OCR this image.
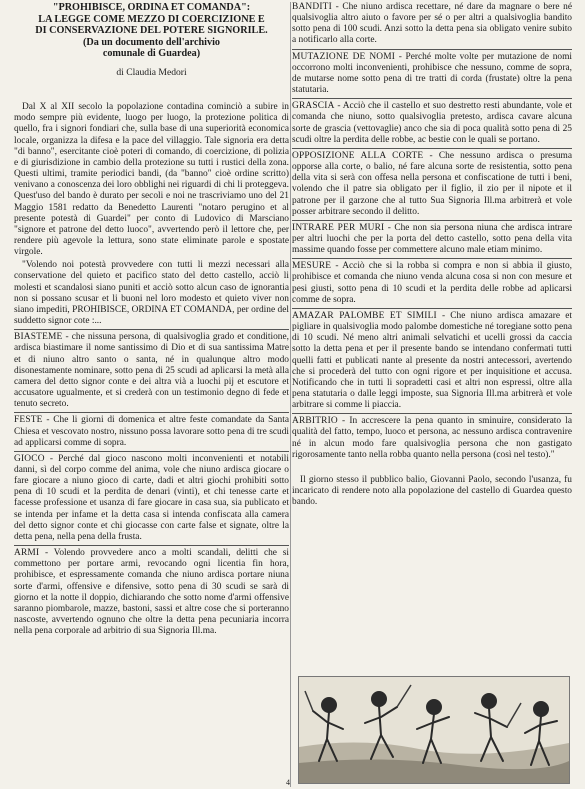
"PROHIBISCE, ORDINA ET COMANDA":
LA LEGGE COME MEZZO DI COERCIZIONE E
DI CONSERVAZIONE DEL POTERE SIGNORILE.
(Da un documento dell'archivio
comunale di Guardea)
di Claudia Medori

Dal X al XII secolo la popolazione contadina cominciò a subire in modo sempre più evidente, luogo per luogo, la protezione politica di quello, fra i signori fondiari che, sulla base di una superiorità economica locale, organizza la difesa e la pace del villaggio. Tale signoria era detta "di banno", esercitante cioè poteri di comando, di coercizione, di polizia e di giurisdizione in cambio della protezione su tutti i rustici della zona. Questi ultimi, tramite periodici bandi, (da "banno" cioè ordine scritto) venivano a conoscenza dei loro obblighi nei riguardi di chi li proteggeva. Quest'uso del bando è durato per secoli e noi ne trascriviamo uno del 21 Maggio 1581 redatto da Benedetto Laurenti "notaro perugino et al presente potestà di Guardei" per conto di Ludovico di Marsciano "signore et patrone del detto luoco", avvertendo però il lettore che, per rendere più agevole la lettura, sono state eliminate parole e spostate virgole.

"Volendo noi potestà provvedere con tutti li mezzi necessari alla conservatione del quieto et pacifico stato del detto castello, acciò li molesti et scandalosi siano puniti et acciò sotto alcun caso de ignorantia non si possano scusar et li buoni nel loro modesto et quieto viver non siano impediti, PROHIBISCE, ORDINA ET COMANDA, per ordine del suddetto signor cote :...

BIASTEME - che nissuna persona, di qualsivoglia grado et conditione, ardisca biastimare il nome santissimo di Dio et di sua santissima Matre et di niuno altro santo o santa, né in qualunque altro modo disonestamente nominare, sotto pena di 25 scudi ad aplicarsi la metà alla camera del detto signor conte e dei altra vià a luochi pij et escutore et accusatore ugualmente, et si crederà con un testimonio degno di fede et tenuto secreto.
FESTE - Che li giorni di domenica et altre feste comandate da Santa Chiesa et vescovato nostro, nissuno possa lavorare sotto pena di tre scudi ad applicarsi comme di sopra.
GIOCO - Perché dal gioco nascono molti inconvenienti et notabili danni, sì del corpo comme del anima, vole che niuno ardisca giocare o fare giocare a niuno gioco di carte, dadi et altri giochi prohibiti sotto pena di 10 scudi et la perdita de denari (vinti), et chi tenesse carte et facesse professione et usanza di fare giocare in casa sua, sia publicato et se intenda per infame et la detta casa si intenda confiscata alla camera del detto signor conte et chi giocasse con carte false et signate, oltre la detta pena, nella pena della frusta.
ARMI - Volendo provvedere anco a molti scandali, delitti che si commettono per portare armi, revocando ogni licentia fin hora, prohibisce, et espressamente comanda che niuno ardisca portare niuna sorte d'armi, offensive e difensive, sotto pena di 30 scudi se sarà di giorno et la notte il doppio, dichiarando che sotto nome d'armi offensive saranno piombarole, mazze, bastoni, sassi et altre cose che si porteranno nascoste, avvertendo ognuno che oltre la detta pena pecuniaria incorra nella pena corporale ad arbitrio di sua Signoria Ill.ma.
BANDITI - Che niuno ardisca recettare, né dare da magnare o bere né qualsivoglia altro aiuto o favore per sé o per altri a qualsivoglia bandito sotto pena di 100 scudi. Anzi sotto la detta pena sia obligato venire subito a notificarlo alla corte.
MUTAZIONE DE NOMI - Perché molte volte per mutazione de nomi occorrono molti inconvenienti, prohibisce che nessuno, comme de sopra, de mutarse nome sotto pena di tre tratti di corda (frustate) oltre la pena statutaria.
GRASCIA - Acciò che il castello et suo destretto resti abundante, vole et comanda che niuno, sotto qualsivoglia pretesto, ardisca cavare alcuna sorte de grascia (vettovaglie) anco che sia di poca qualità sotto pena di 25 scudi oltre la perdita delle robbe, ac bestie con le quali se portano.
OPPOSIZIONE ALLA CORTE - Che nessuno ardisca o presuma opporse alla corte, o balio, né fare alcuna sorte de resistentia, sotto pena della vita si serà con offesa nella persona et confiscatione de tutti i beni, volendo che il patre sia obligato per il figlio, il zio per il nipote et il patrone per il garzone che al tutto Sua Signoria Ill.ma arbitrerà et vole posser arbitrare secondo il delitto.
INTRARE PER MURI - Che non sia persona niuna che ardisca intrare per altri luochi che per la porta del detto castello, sotto pena della vita massime quando fosse per commettere alcuno male etiam minimo.
MESURE - Acciò che si la robba si compra e non si abbia il giusto, prohibisce et comanda che niuno venda alcuna cosa si non con mesure et pesi giusti, sotto pena di 10 scudi et la perdita delle robbe ad aplicarsi comme de sopra.
AMAZAR PALOMBE ET SIMILI - Che niuno ardisca amazare et pigliare in qualsivoglia modo palombe domestiche né toregiane sotto pena di 10 scudi. Né meno altri animali selvatichi et ucelli grossi da caccia sotto la detta pena et per il presente bando se intendano confermati tutti quelli fatti et publicati nante al presente da nostri antecessori, avertendo che si procederà del tutto con ogni rigore et per inquisitione et accusa. Notificando che in tutti li sopradetti casi et altri non espressi, oltre alla pena statutaria o dalle leggi imposte, sua Signoria Ill.ma arbitrerà et vole arbitrare si comme li piaccia.
ARBITRIO - In accrescere la pena quanto in sminuire, considerato la qualità del fatto, tempo, luoco et persona, ac nessuno ardisca contravenire né in alcun modo fare qualsivoglia persona che non gastigato rigorosamente tanto nella robba quanto nella persona (così nel testo)."

Il giorno stesso il pubblico balio, Giovanni Paolo, secondo l'usanza, fu incaricato di rendere noto alla popolazione del castello di Guardea questo bando.

4
